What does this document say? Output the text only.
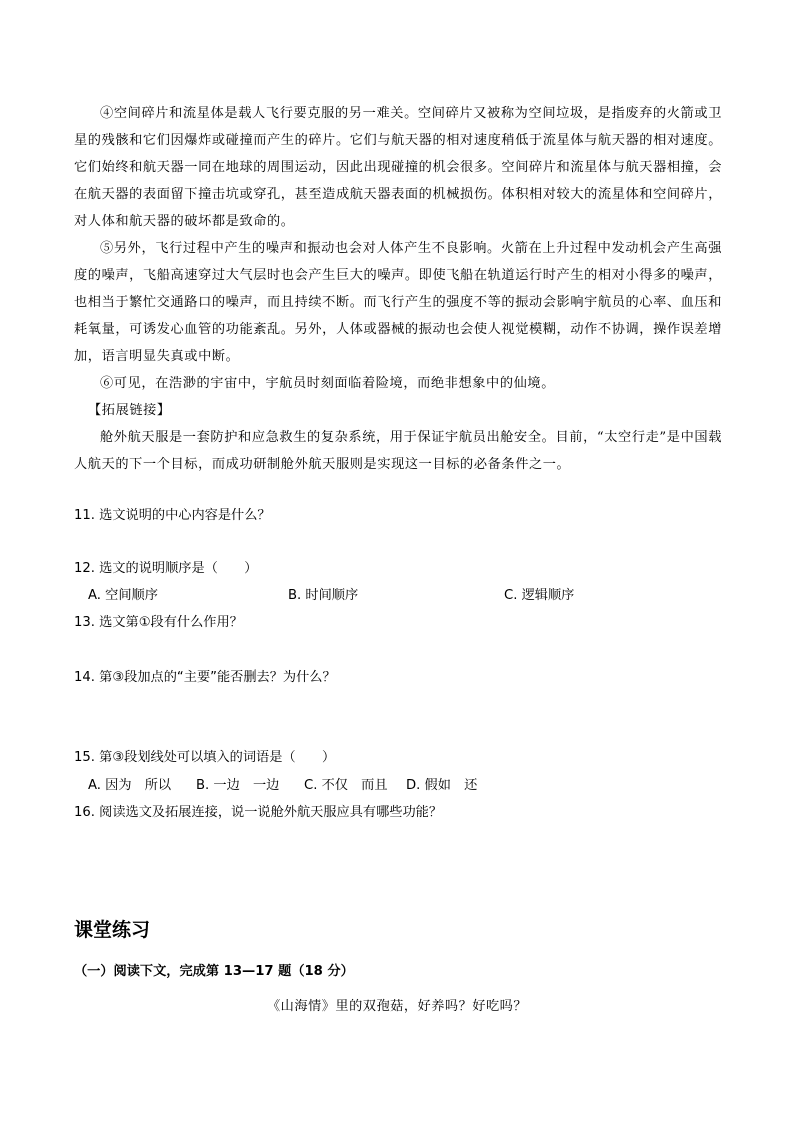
④空间碎片和流星体是载人飞行要克服的另一难关。空间碎片又被称为空间垃圾，是指废弃的火箭或卫星的残骸和它们因爆炸或碰撞而产生的碎片。它们与航天器的相对速度稍低于流星体与航天器的相对速度。它们始终和航天器一同在地球的周围运动，因此出现碰撞的机会很多。空间碎片和流星体与航天器相撞，会在航天器的表面留下撞击坑或穿孔，甚至造成航天器表面的机械损伤。体积相对较大的流星体和空间碎片，对人体和航天器的破坏都是致命的。

⑤另外，飞行过程中产生的噪声和振动也会对人体产生不良影响。火箭在上升过程中发动机会产生高强度的噪声，飞船高速穿过大气层时也会产生巨大的噪声。即使飞船在轨道运行时产生的相对小得多的噪声，也相当于繁忙交通路口的噪声，而且持续不断。而飞行产生的强度不等的振动会影响宇航员的心率、血压和耗氧量，可诱发心血管的功能紊乱。另外，人体或器械的振动也会使人视觉模糊，动作不协调，操作误差增加，语言明显失真或中断。

⑥可见，在浩渺的宇宙中，宇航员时刻面临着险境，而绝非想象中的仙境。

【拓展链接】

舱外航天服是一套防护和应急救生的复杂系统，用于保证宇航员出舱安全。目前，“太空行走”是中国载人航天的下一个目标，而成功研制舱外航天服则是实现这一目标的必备条件之一。

11. 选文说明的中心内容是什么？
12. 选文的说明顺序是（　　）
A. 空间顺序	B. 时间顺序	C. 逻辑顺序
13. 选文第①段有什么作用？
14. 第③段加点的“主要”能否删去？为什么？
15. 第③段划线处可以填入的词语是（　　）
A. 因为　所以 B. 一边　一边 C. 不仅　而且 D. 假如　还
16. 阅读选文及拓展连接，说一说舱外航天服应具有哪些功能？
课堂练习
（一）阅读下文，完成第 13—17 题（18 分）
《山海情》里的双孢菇，好养吗？好吃吗？
